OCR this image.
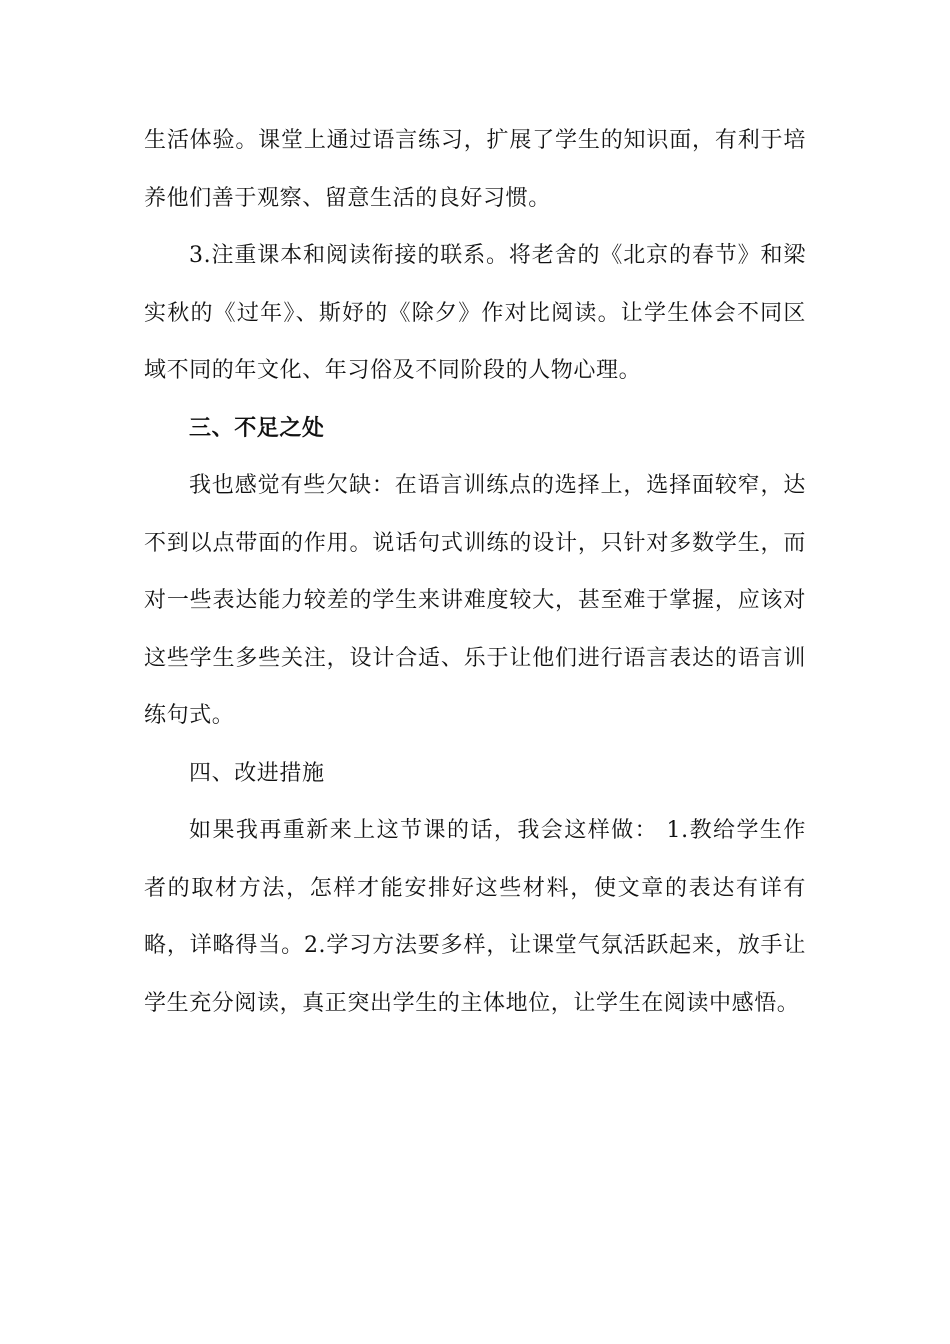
生活体验。课堂上通过语言练习，扩展了学生的知识面，有利于培养他们善于观察、留意生活的良好习惯。

3.注重课本和阅读衔接的联系。将老舍的《北京的春节》和梁实秋的《过年》、斯妤的《除夕》作对比阅读。让学生体会不同区域不同的年文化、年习俗及不同阶段的人物心理。

三、不足之处

我也感觉有些欠缺：在语言训练点的选择上，选择面较窄，达不到以点带面的作用。说话句式训练的设计，只针对多数学生，而对一些表达能力较差的学生来讲难度较大，甚至难于掌握，应该对这些学生多些关注，设计合适、乐于让他们进行语言表达的语言训练句式。

四、改进措施

如果我再重新来上这节课的话，我会这样做： 1.教给学生作者的取材方法，怎样才能安排好这些材料，使文章的表达有详有略，详略得当。2.学习方法要多样，让课堂气氛活跃起来，放手让学生充分阅读，真正突出学生的主体地位，让学生在阅读中感悟。
